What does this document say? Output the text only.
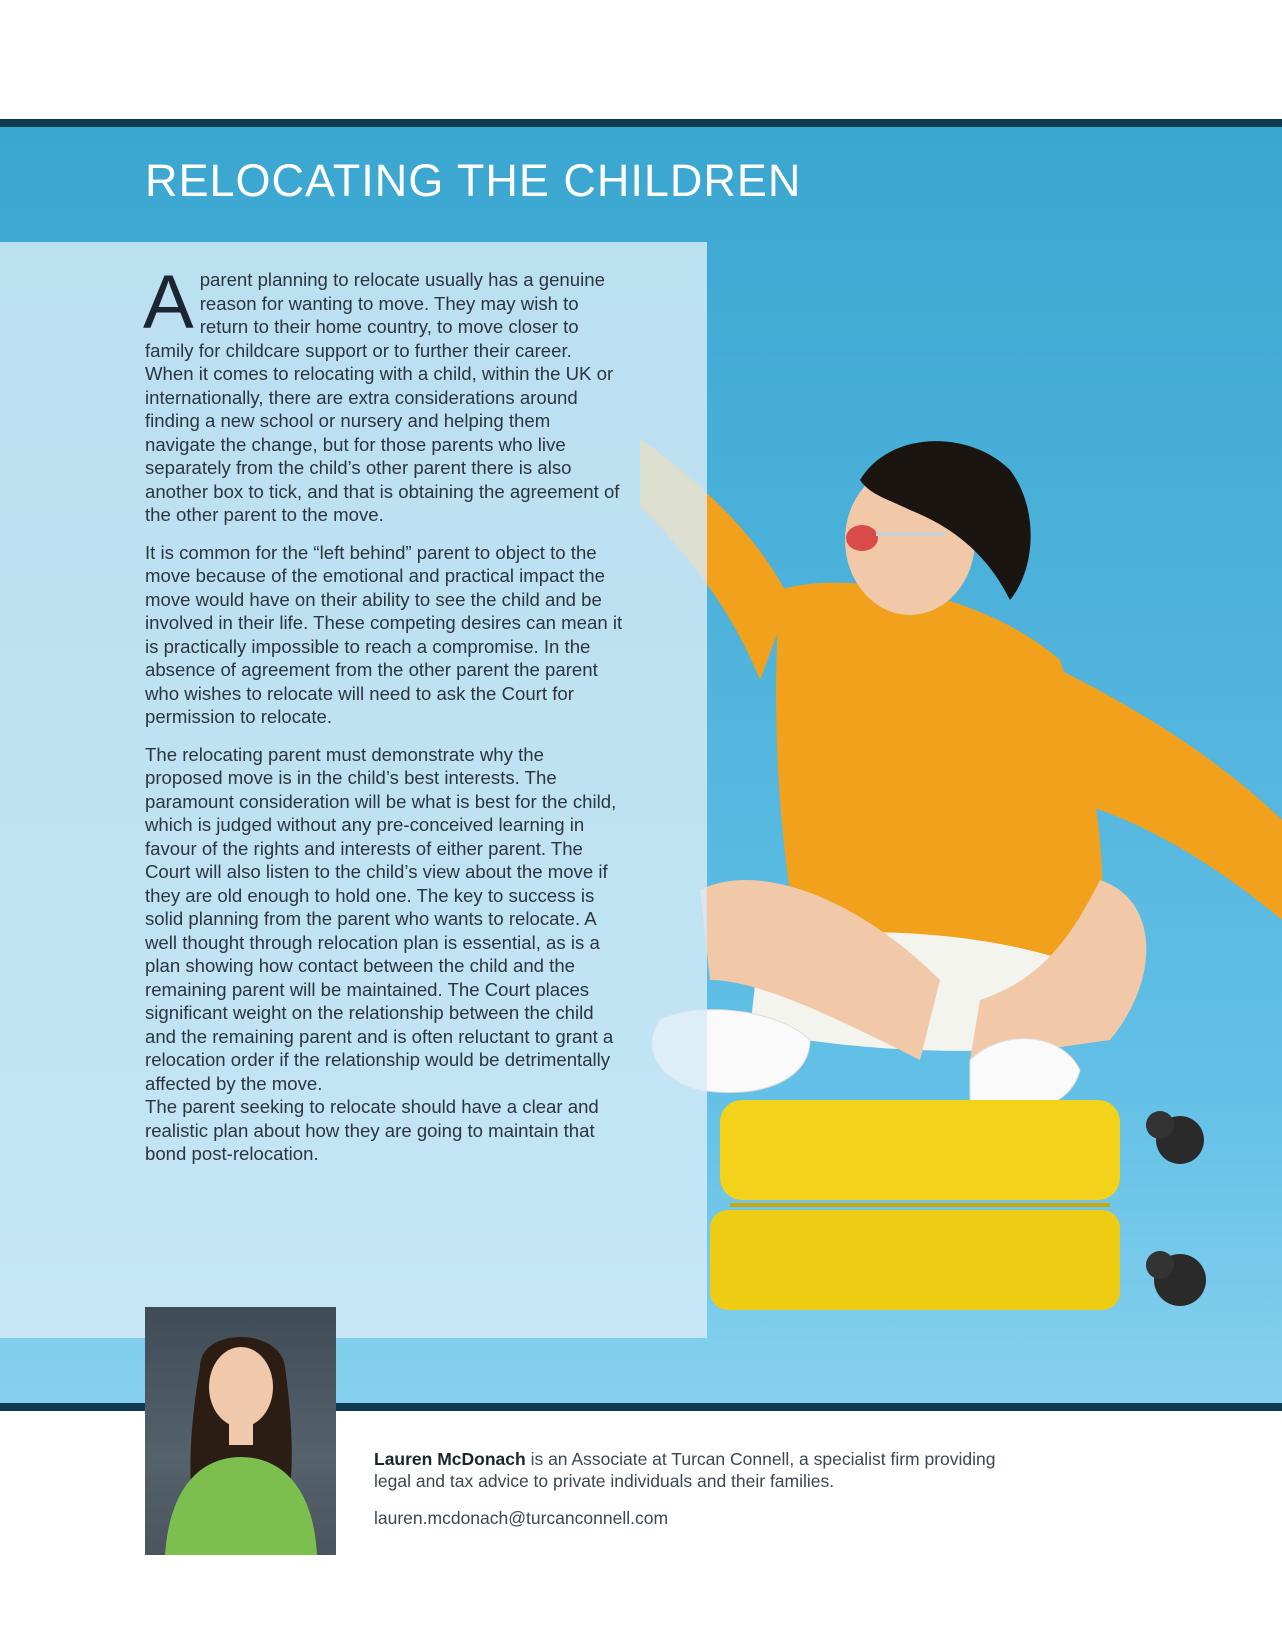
RELOCATING THE CHILDREN

A parent planning to relocate usually has a genuine reason for wanting to move. They may wish to return to their home country, to move closer to family for childcare support or to further their career. When it comes to relocating with a child, within the UK or internationally, there are extra considerations around finding a new school or nursery and helping them navigate the change, but for those parents who live separately from the child’s other parent there is also another box to tick, and that is obtaining the agreement of the other parent to the move.

It is common for the “left behind” parent to object to the move because of the emotional and practical impact the move would have on their ability to see the child and be involved in their life. These competing desires can mean it is practically impossible to reach a compromise. In the absence of agreement from the other parent the parent who wishes to relocate will need to ask the Court for permission to relocate.

The relocating parent must demonstrate why the proposed move is in the child’s best interests. The paramount consideration will be what is best for the child, which is judged without any pre-conceived learning in favour of the rights and interests of either parent. The Court will also listen to the child’s view about the move if they are old enough to hold one. The key to success is solid planning from the parent who wants to relocate. A well thought through relocation plan is essential, as is a plan showing how contact between the child and the remaining parent will be maintained. The Court places significant weight on the relationship between the child and the remaining parent and is often reluctant to grant a relocation order if the relationship would be detrimentally affected by the move.

The parent seeking to relocate should have a clear and realistic plan about how they are going to maintain that bond post-relocation.

Lauren McDonach is an Associate at Turcan Connell, a specialist firm providing legal and tax advice to private individuals and their families.
lauren.mcdonach@turcanconnell.com
